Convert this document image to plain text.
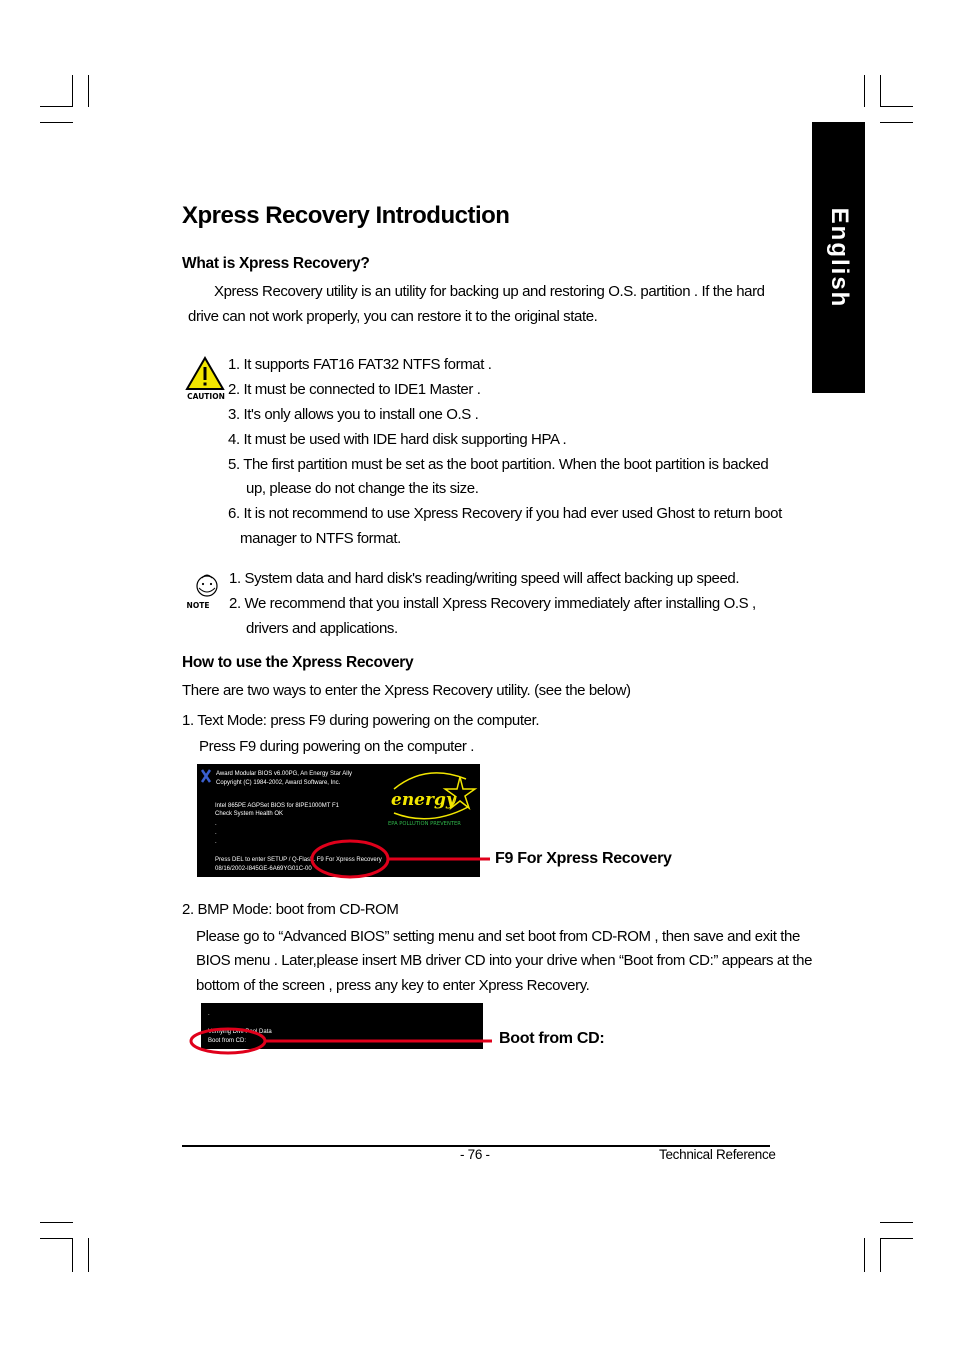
English
Xpress Recovery Introduction
What is Xpress Recovery?
Xpress Recovery utility is an utility for backing up and restoring O.S. partition . If the hard
drive can not work properly, you can restore it to the original state.
CAUTION
1. It supports FAT16 FAT32 NTFS format .
2. It must be connected to IDE1 Master .
3. It's only allows you to install one O.S .
4. It must be used with IDE hard disk supporting HPA .
5. The first partition must be set as the boot partition. When the boot partition is backed
up, please do not change the its size.
6. It is not recommend to use Xpress Recovery if you had ever used Ghost to return boot
manager to NTFS format.
NOTE
1. System data and hard disk's reading/writing speed will affect backing up speed.
2. We recommend that you install Xpress Recovery immediately after installing O.S ,
drivers and applications.
How to use the Xpress Recovery
There are two ways to enter the Xpress Recovery utility. (see the below)
1. Text Mode: press F9 during powering on the computer.
Press F9 during powering on the computer .
Award Modular BIOS v6.00PG, An Energy Star Ally
Copyright (C) 1984-2002, Award Software, Inc.
Intel 865PE AGPSet BIOS for 8IPE1000MT F1
Check System Health OK
.
.
.
Press DEL to enter SETUP / Q-Flash. F9 For Xpress Recovery
08/16/2002-I845GE-6A69YG01C-00
energy
EPA POLLUTION PREVENTER
F9 For Xpress Recovery
2. BMP Mode: boot from CD-ROM
Please go to “Advanced BIOS” setting menu and set boot from CD-ROM , then save and exit the
BIOS menu . Later,please insert MB driver CD into your drive when “Boot from CD:” appears at the
bottom of the screen , press any key to enter Xpress Recovery.
.
Verifying DMI Pool Data
Boot from CD:	Boot from CD:
- 76 -	Technical Reference
